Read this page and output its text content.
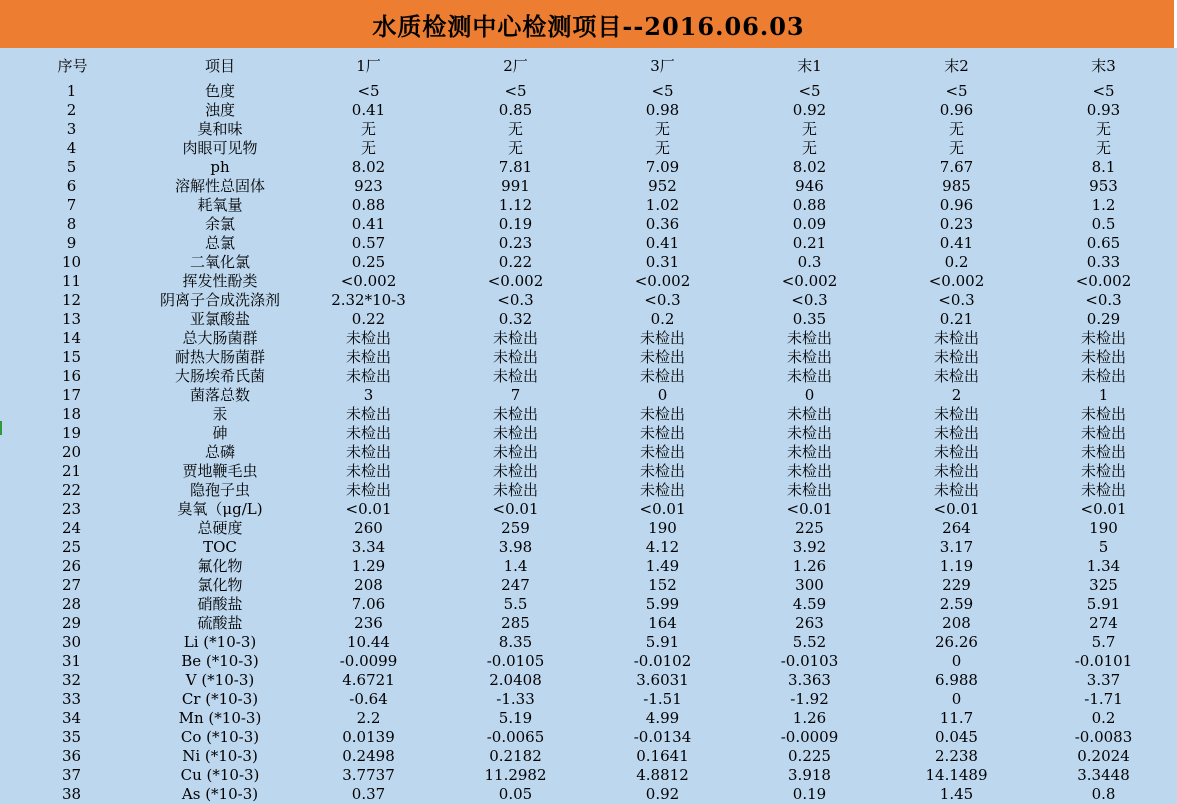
水质检测中心检测项目--2016.06.03
序号	项目	1厂	2厂	3厂	末1	末2	末3
1	色度	<5	<5	<5	<5	<5	<5
2	浊度	0.41	0.85	0.98	0.92	0.96	0.93
3	臭和味	无	无	无	无	无	无
4	肉眼可见物	无	无	无	无	无	无
5	ph	8.02	7.81	7.09	8.02	7.67	8.1
6	溶解性总固体	923	991	952	946	985	953
7	耗氧量	0.88	1.12	1.02	0.88	0.96	1.2
8	余氯	0.41	0.19	0.36	0.09	0.23	0.5
9	总氯	0.57	0.23	0.41	0.21	0.41	0.65
10	二氧化氯	0.25	0.22	0.31	0.3	0.2	0.33
11	挥发性酚类	<0.002	<0.002	<0.002	<0.002	<0.002	<0.002
12	阴离子合成洗涤剂	2.32*10-3	<0.3	<0.3	<0.3	<0.3	<0.3
13	亚氯酸盐	0.22	0.32	0.2	0.35	0.21	0.29
14	总大肠菌群	未检出	未检出	未检出	未检出	未检出	未检出
15	耐热大肠菌群	未检出	未检出	未检出	未检出	未检出	未检出
16	大肠埃希氏菌	未检出	未检出	未检出	未检出	未检出	未检出
17	菌落总数	3	7	0	0	2	1
18	汞	未检出	未检出	未检出	未检出	未检出	未检出
19	砷	未检出	未检出	未检出	未检出	未检出	未检出
20	总磷	未检出	未检出	未检出	未检出	未检出	未检出
21	贾地鞭毛虫	未检出	未检出	未检出	未检出	未检出	未检出
22	隐孢子虫	未检出	未检出	未检出	未检出	未检出	未检出
23	臭氧（μg/L)	<0.01	<0.01	<0.01	<0.01	<0.01	<0.01
24	总硬度	260	259	190	225	264	190
25	TOC	3.34	3.98	4.12	3.92	3.17	5
26	氟化物	1.29	1.4	1.49	1.26	1.19	1.34
27	氯化物	208	247	152	300	229	325
28	硝酸盐	7.06	5.5	5.99	4.59	2.59	5.91
29	硫酸盐	236	285	164	263	208	274
30	Li (*10-3)	10.44	8.35	5.91	5.52	26.26	5.7
31	Be (*10-3)	-0.0099	-0.0105	-0.0102	-0.0103	0	-0.0101
32	V (*10-3)	4.6721	2.0408	3.6031	3.363	6.988	3.37
33	Cr (*10-3)	-0.64	-1.33	-1.51	-1.92	0	-1.71
34	Mn (*10-3)	2.2	5.19	4.99	1.26	11.7	0.2
35	Co (*10-3)	0.0139	-0.0065	-0.0134	-0.0009	0.045	-0.0083
36	Ni (*10-3)	0.2498	0.2182	0.1641	0.225	2.238	0.2024
37	Cu (*10-3)	3.7737	11.2982	4.8812	3.918	14.1489	3.3448
38	As (*10-3)	0.37	0.05	0.92	0.19	1.45	0.8
